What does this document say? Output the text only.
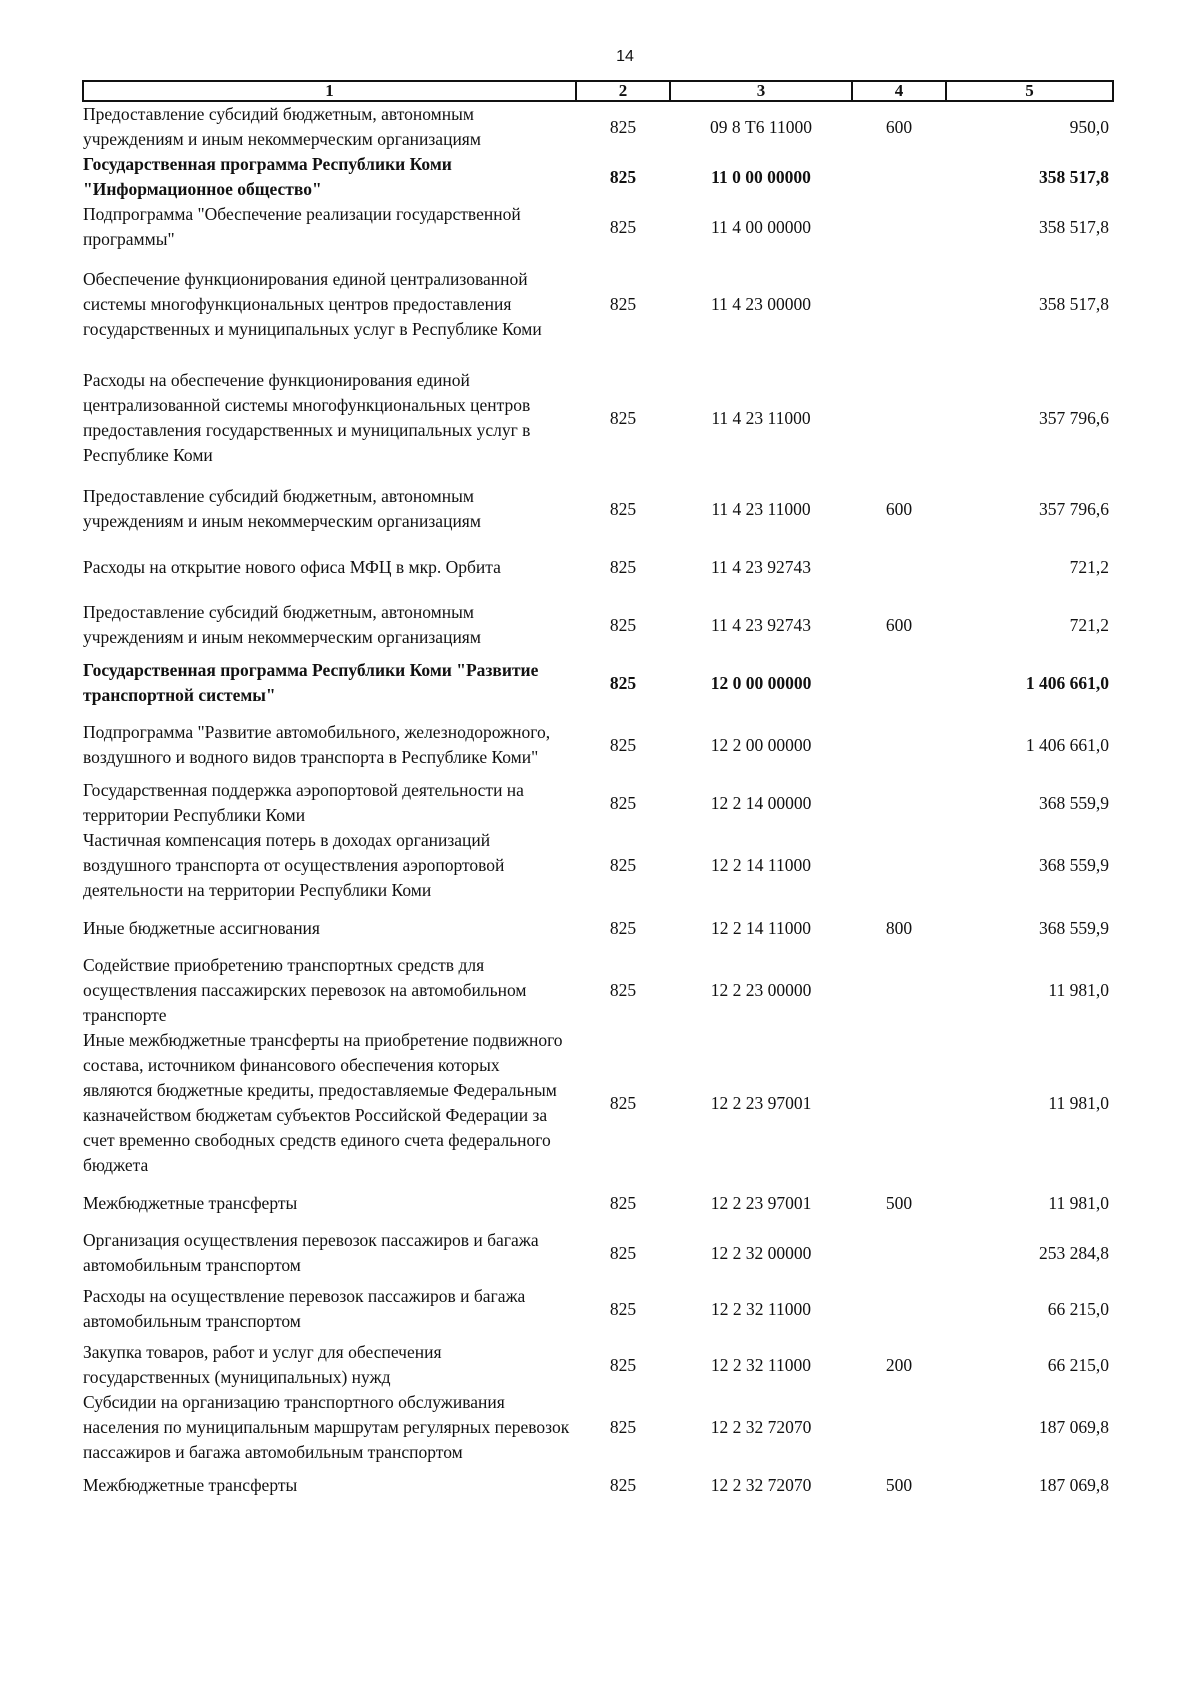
14
1	2	3	4	5
Предоставление субсидий бюджетным, автономным учреждениям и иным некоммерческим организациям	825	09 8 Т6 11000	600	950,0
Государственная программа Республики Коми "Информационное общество"	825	11 0 00 00000		358 517,8
Подпрограмма "Обеспечение реализации государственной программы"	825	11 4 00 00000		358 517,8
Обеспечение функционирования единой централизованной системы многофункциональных центров предоставления государственных и муниципальных услуг в Республике Коми	825	11 4 23 00000		358 517,8
Расходы на обеспечение функционирования единой централизованной системы многофункциональных центров предоставления государственных и муниципальных услуг в Республике Коми	825	11 4 23 11000		357 796,6
Предоставление субсидий бюджетным, автономным учреждениям и иным некоммерческим организациям	825	11 4 23 11000	600	357 796,6
Расходы на открытие нового офиса МФЦ в мкр. Орбита	825	11 4 23 92743		721,2
Предоставление субсидий бюджетным, автономным учреждениям и иным некоммерческим организациям	825	11 4 23 92743	600	721,2
Государственная программа Республики Коми "Развитие транспортной системы"	825	12 0 00 00000		1 406 661,0
Подпрограмма "Развитие автомобильного, железнодорожного, воздушного и водного видов транспорта в Республике Коми"	825	12 2 00 00000		1 406 661,0
Государственная поддержка аэропортовой деятельности на территории Республики Коми	825	12 2 14 00000		368 559,9
Частичная компенсация потерь в доходах организаций воздушного транспорта от осуществления аэропортовой деятельности на территории Республики Коми	825	12 2 14 11000		368 559,9
Иные бюджетные ассигнования	825	12 2 14 11000	800	368 559,9
Содействие приобретению транспортных средств для осуществления пассажирских перевозок на автомобильном транспорте	825	12 2 23 00000		11 981,0
Иные межбюджетные трансферты на приобретение подвижного состава, источником финансового обеспечения которых являются бюджетные кредиты, предоставляемые Федеральным казначейством бюджетам субъектов Российской Федерации за счет временно свободных средств единого счета федерального бюджета	825	12 2 23 97001		11 981,0
Межбюджетные трансферты	825	12 2 23 97001	500	11 981,0
Организация осуществления перевозок пассажиров и багажа автомобильным транспортом	825	12 2 32 00000		253 284,8
Расходы на осуществление перевозок пассажиров и багажа автомобильным транспортом	825	12 2 32 11000		66 215,0
Закупка товаров, работ и услуг для обеспечения государственных (муниципальных) нужд	825	12 2 32 11000	200	66 215,0
Субсидии на организацию транспортного обслуживания населения по муниципальным маршрутам регулярных перевозок пассажиров и багажа автомобильным транспортом	825	12 2 32 72070		187 069,8
Межбюджетные трансферты	825	12 2 32 72070	500	187 069,8
